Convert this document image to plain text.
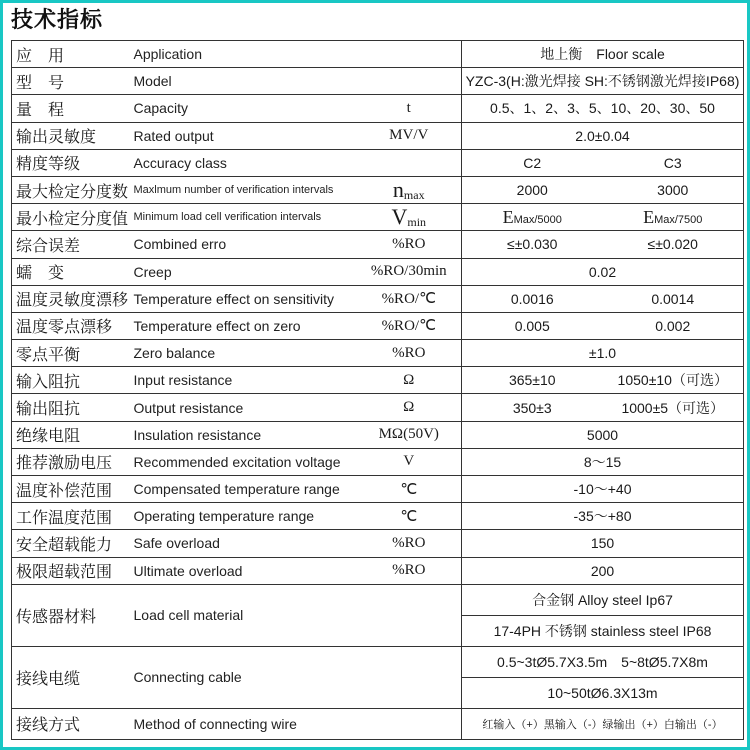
技术指标
应　用	Application		地上衡　Floor scale	
型　号	Model		YZC-3(H:激光焊接 SH:不锈钢激光焊接IP68)	
量　程	Capacity	t	0.5、1、2、3、5、10、20、30、50	
输出灵敏度	Rated output	MV/V	2.0±0.04	
精度等级	Accuracy class		C2	C3
最大检定分度数	Maxlmum number of verification intervals	$n_{max}$	2000	3000
最小检定分度值	Minimum load cell verification intervals	$V_{min}$	EMax/5000	EMax/7500
综合误差	Combined erro	%RO	≤±0.030	≤±0.020
蠕　变	Creep	%RO/30min	0.02	
温度灵敏度漂移	Temperature effect on sensitivity	%RO/℃	0.0016	0.0014
温度零点漂移	Temperature effect on zero	%RO/℃	0.005	0.002
零点平衡	Zero balance	%RO	±1.0	
输入阻抗	Input resistance	Ω	365±10	1050±10（可选）
输出阻抗	Output resistance	Ω	350±3	1000±5（可选）
绝缘电阻	Insulation resistance	MΩ(50V)	5000	
推荐激励电压	Recommended excitation voltage	V	8～15	
温度补偿范围	Compensated temperature range	℃	-10～+40	
工作温度范围	Operating temperature range	℃	-35～+80	
安全超载能力	Safe overload	%RO	150	
极限超载范围	Ultimate overload	%RO	200	
传感器材料	Load cell material		合金钢 Alloy steel Ip67	
			17-4PH 不锈钢 stainless steel IP68	
接线电缆	Connecting cable		0.5~3tØ5.7X3.5m　5~8tØ5.7X8m	
			10~50tØ6.3X13m	
接线方式	Method of connecting wire		红输入（+）黑输入（-）绿输出（+）白输出（-）	
